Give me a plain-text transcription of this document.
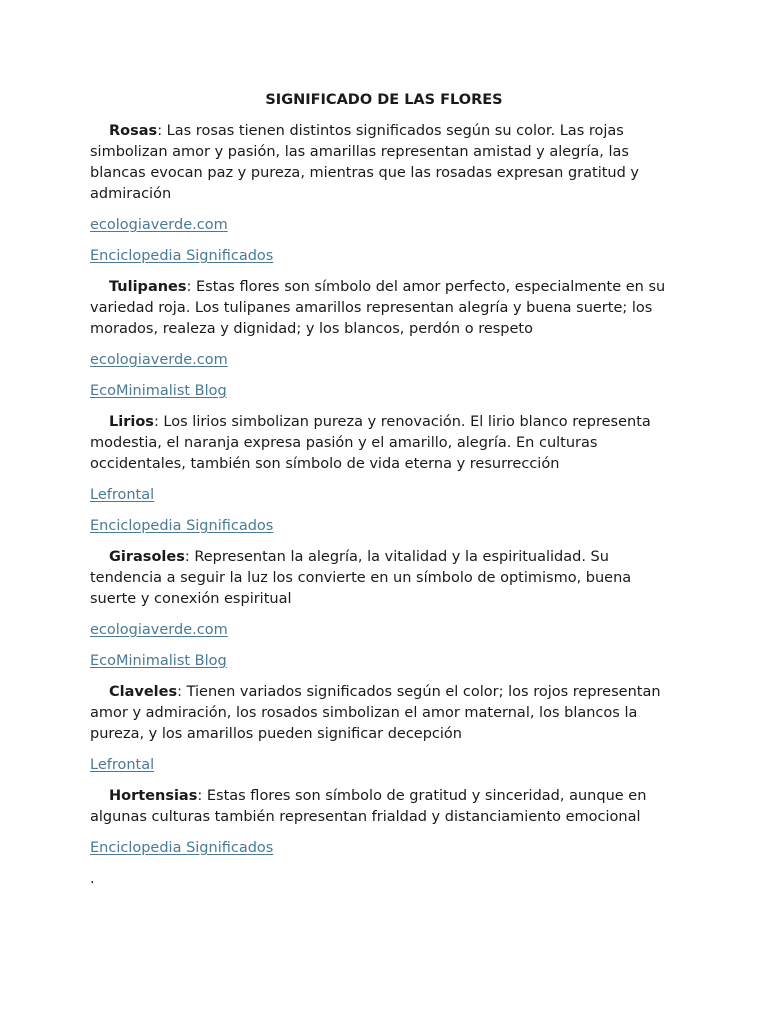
SIGNIFICADO DE LAS FLORES
Rosas: Las rosas tienen distintos significados según su color. Las rojas simbolizan amor y pasión, las amarillas representan amistad y alegría, las blancas evocan paz y pureza, mientras que las rosadas expresan gratitud y admiración
ecologiaverde.com
Enciclopedia Significados
Tulipanes: Estas flores son símbolo del amor perfecto, especialmente en su variedad roja. Los tulipanes amarillos representan alegría y buena suerte; los morados, realeza y dignidad; y los blancos, perdón o respeto
ecologiaverde.com
EcoMinimalist Blog
Lirios: Los lirios simbolizan pureza y renovación. El lirio blanco representa modestia, el naranja expresa pasión y el amarillo, alegría. En culturas occidentales, también son símbolo de vida eterna y resurrección
Lefrontal
Enciclopedia Significados
Girasoles: Representan la alegría, la vitalidad y la espiritualidad. Su tendencia a seguir la luz los convierte en un símbolo de optimismo, buena suerte y conexión espiritual
ecologiaverde.com
EcoMinimalist Blog
Claveles: Tienen variados significados según el color; los rojos representan amor y admiración, los rosados simbolizan el amor maternal, los blancos la pureza, y los amarillos pueden significar decepción
Lefrontal
Hortensias: Estas flores son símbolo de gratitud y sinceridad, aunque en algunas culturas también representan frialdad y distanciamiento emocional
Enciclopedia Significados
.
